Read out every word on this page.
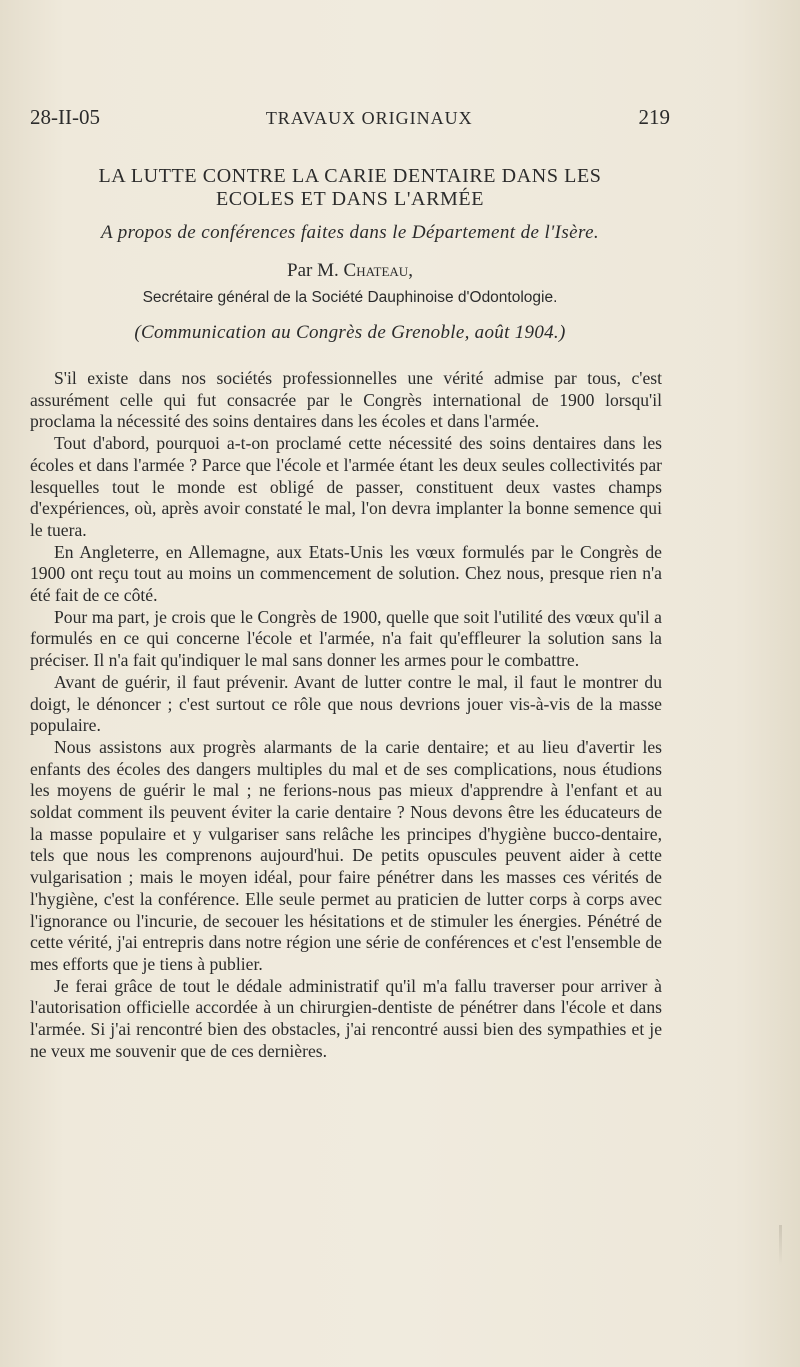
28-II-05	TRAVAUX ORIGINAUX	219
LA LUTTE CONTRE LA CARIE DENTAIRE DANS LES
ECOLES ET DANS L'ARMÉE
A propos de conférences faites dans le Département de l'Isère.
Par M. Chateau,
Secrétaire général de la Société Dauphinoise d'Odontologie.
(Communication au Congrès de Grenoble, août 1904.)

S'il existe dans nos sociétés professionnelles une vérité admise par tous, c'est assurément celle qui fut consacrée par le Congrès international de 1900 lorsqu'il proclama la nécessité des soins dentaires dans les écoles et dans l'armée.

Tout d'abord, pourquoi a-t-on proclamé cette nécessité des soins dentaires dans les écoles et dans l'armée ? Parce que l'école et l'armée étant les deux seules collectivités par lesquelles tout le monde est obligé de passer, constituent deux vastes champs d'expériences, où, après avoir constaté le mal, l'on devra implanter la bonne semence qui le tuera.

En Angleterre, en Allemagne, aux Etats-Unis les vœux formulés par le Congrès de 1900 ont reçu tout au moins un commencement de solution. Chez nous, presque rien n'a été fait de ce côté.

Pour ma part, je crois que le Congrès de 1900, quelle que soit l'utilité des vœux qu'il a formulés en ce qui concerne l'école et l'armée, n'a fait qu'effleurer la solution sans la préciser. Il n'a fait qu'indiquer le mal sans donner les armes pour le combattre.

Avant de guérir, il faut prévenir. Avant de lutter contre le mal, il faut le montrer du doigt, le dénoncer ; c'est surtout ce rôle que nous devrions jouer vis-à-vis de la masse populaire.

Nous assistons aux progrès alarmants de la carie dentaire; et au lieu d'avertir les enfants des écoles des dangers multiples du mal et de ses complications, nous étudions les moyens de guérir le mal ; ne ferions-nous pas mieux d'apprendre à l'enfant et au soldat comment ils peuvent éviter la carie dentaire ? Nous devons être les éducateurs de la masse populaire et y vulgariser sans relâche les principes d'hygiène bucco-dentaire, tels que nous les comprenons aujourd'hui. De petits opuscules peuvent aider à cette vulgarisation ; mais le moyen idéal, pour faire pénétrer dans les masses ces vérités de l'hygiène, c'est la conférence. Elle seule permet au praticien de lutter corps à corps avec l'ignorance ou l'incurie, de secouer les hésitations et de stimuler les énergies. Pénétré de cette vérité, j'ai entrepris dans notre région une série de conférences et c'est l'ensemble de mes efforts que je tiens à publier.

Je ferai grâce de tout le dédale administratif qu'il m'a fallu traverser pour arriver à l'autorisation officielle accordée à un chirurgien-dentiste de pénétrer dans l'école et dans l'armée. Si j'ai rencontré bien des obstacles, j'ai rencontré aussi bien des sympathies et je ne veux me souvenir que de ces dernières.
